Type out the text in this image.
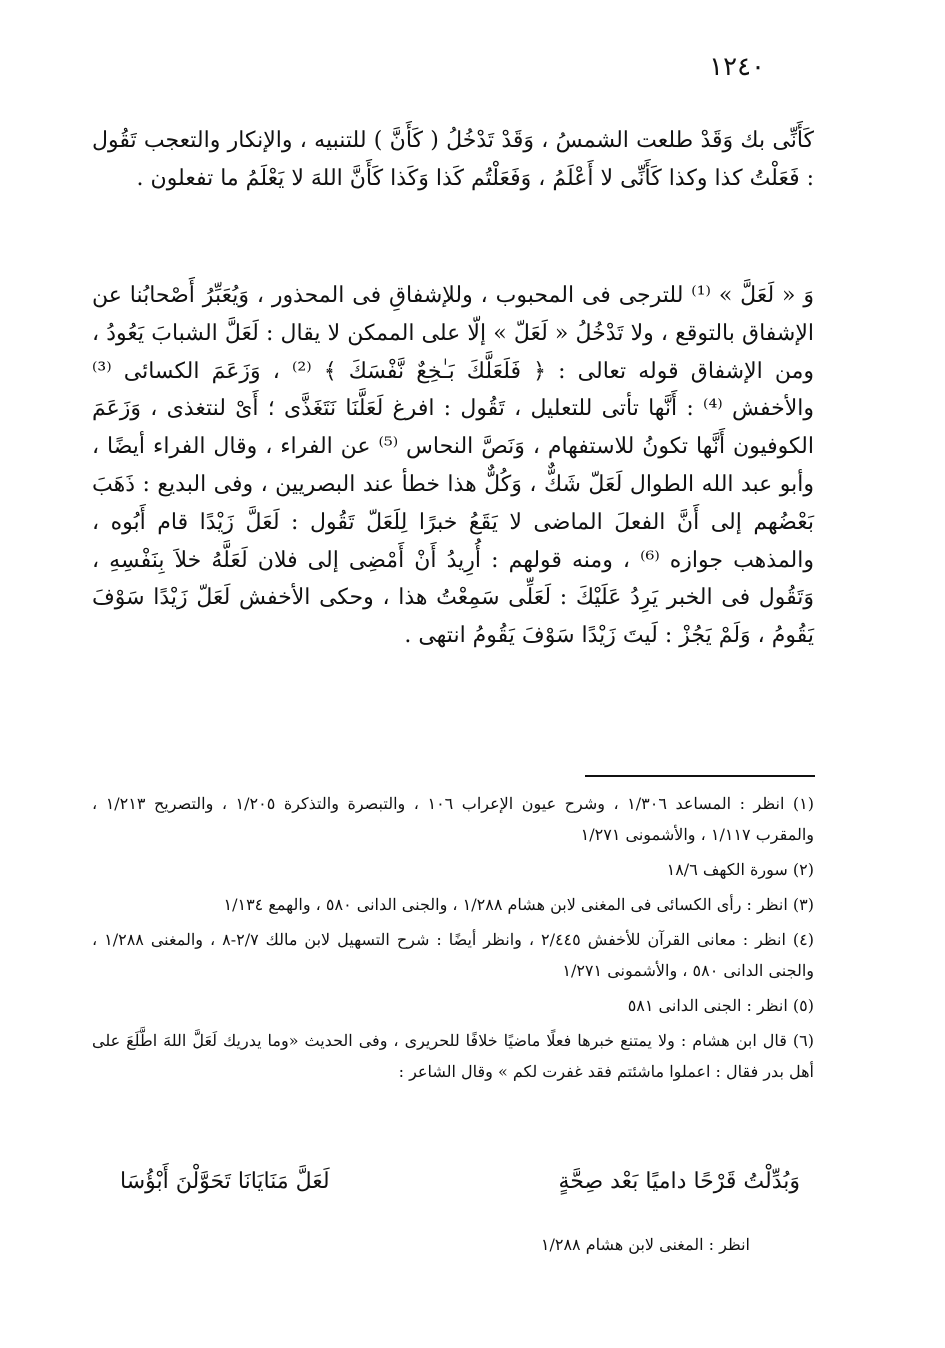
١٢٤٠

كَأَنِّى بك وَقَدْ طلعت الشمسُ ، وَقَدْ تَدْخُلُ ( كَأَنَّ ) للتنبيه ، والإنكار والتعجب تَقُول : فَعَلْتُ كذا وكذا كَأَنِّى لا أَعْلَمُ ، وَفَعَلْتُم كَذا وَكَذا كَأَنَّ اللهَ لا يَعْلَمُ ما تفعلون .

وَ « لَعَلَّ » ⁽¹⁾ للترجى فى المحبوب ، وللإشفاقِ فى المحذور ، وَيُعَبِّرُ أَصْحابُنا عن الإشفاق بالتوقع ، ولا تَدْخُلُ « لَعَلّ » إلّا على الممكن لا يقال : لَعَلَّ الشبابَ يَعُودُ ، ومن الإشفاق قوله تعالى : ﴿ فَلَعَلَّكَ بَـٰخِعٌ نَّفْسَكَ ﴾ ⁽²⁾ ، وَزَعَمَ الكسائى ⁽³⁾ والأخفش ⁽⁴⁾ : أَنَّها تأتى للتعليل ، تَقُول : افرغ لَعَلَّنَا نَتَغَذَّى ؛ أَىْ لنتغذى ، وَزَعَمَ الكوفيون أَنَّها تكونُ للاستفهام ، وَنَصَّ النحاس ⁽⁵⁾ عن الفراء ، وقال الفراء أيضًا ، وأبو عبد الله الطوال لَعَلّ شَكٌّ ، وَكُلٌّ هذا خطأ عند البصريين ، وفى البديع : ذَهَبَ بَعْضُهم إلى أَنَّ الفعلَ الماضى لا يَقَعُ خبرًا لِلَعَلّ تَقُول : لَعَلَّ زَيْدًا قام أَبُوه ، والمذهب جوازه ⁽⁶⁾ ، ومنه قولهم : أُرِيدُ أَنْ أَمْضِى إلى فلان لَعَلَّهُ خلاَ بِنَفْسِهِ ، وَتَقُول فى الخبر يَرِدُ عَلَيْكَ : لَعَلِّى سَمِعْتُ هذا ، وحكى الأخفش لَعَلّ زَيْدًا سَوْفَ يَقُومُ ، وَلَمْ يَجُزْ : لَيتَ زَيْدًا سَوْفَ يَقُومُ انتهى .

(١) انظر : المساعد ١/٣٠٦ ، وشرح عيون الإعراب ١٠٦ ، والتبصرة والتذكرة ١/٢٠٥ ، والتصريح ١/٢١٣ ، والمقرب ١/١١٧ ، والأشمونى ١/٢٧١

(٢) سورة الكهف ١٨/٦

(٣) انظر : رأى الكسائى فى المغنى لابن هشام ١/٢٨٨ ، والجنى الدانى ٥٨٠ ، والهمع ١/١٣٤

(٤) انظر : معانى القرآن للأخفش ٢/٤٤٥ ، وانظر أيضًا : شرح التسهيل لابن مالك ٢/٧-٨ ، والمغنى ١/٢٨٨ ، والجنى الدانى ٥٨٠ ، والأشمونى ١/٢٧١

(٥) انظر : الجنى الدانى ٥٨١

(٦) قال ابن هشام : ولا يمتنع خبرها فعلًا ماضيًا خلافًا للحريرى ، وفى الحديث «وما يدريك لَعَلَّ اللهَ اطَّلَعَ على أهل بدر فقال : اعملوا ماشئتم فقد غفرت لكم » وقال الشاعر :

وَبُدِّلْتُ قَرْحًا داميًا بَعْد صِحَّةٍ
لَعَلَّ مَنَايَانَا تَحَوَّلْنَ أَبْؤُسَا

انظر : المغنى لابن هشام ١/٢٨٨
